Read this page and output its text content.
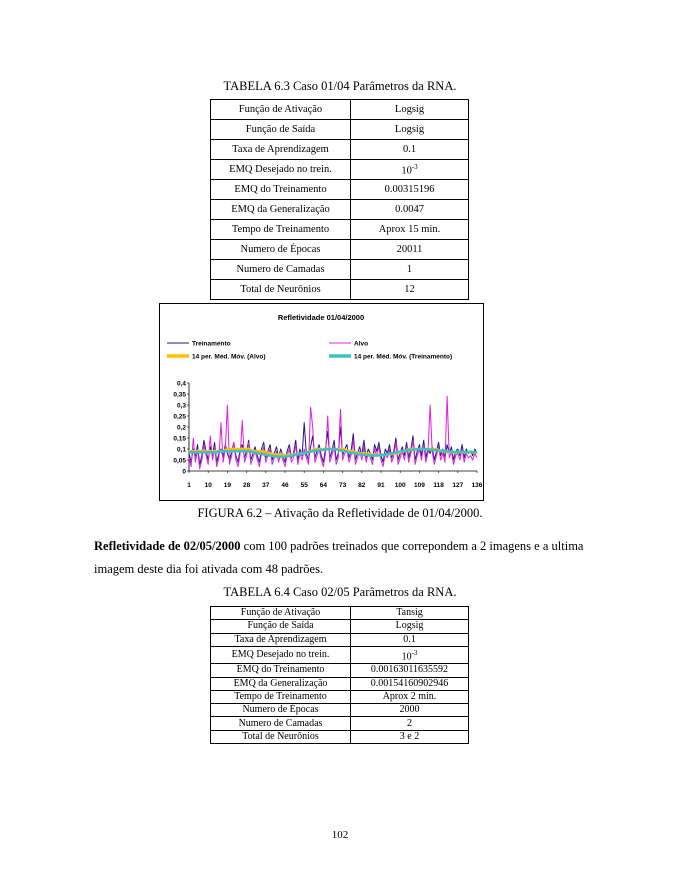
TABELA 6.3 Caso 01/04 Parâmetros da RNA.
Função de Ativação	Logsig
Função de Saída	Logsig
Taxa de Aprendizagem	0.1
EMQ Desejado no trein.	$10^{-3}$
EMQ do Treinamento	0.00315196
EMQ da Generalização	0.0047
Tempo de Treinamento	Aprox 15 min.
Numero de Épocas	20011
Numero de Camadas	1
Total de Neurônios	12
Refletividade 01/04/2000
Treinamento	Alvo
14 per. Méd. Móv. (Alvo)	14 per. Méd. Móv. (Treinamento)
0
0,05
0,1
0,15
0,2
0,25
0,3
0,35
0,4
1 10 19 28 37 46 55 64 73 82 91 100 109 118 127 136
FIGURA 6.2 – Ativação da Refletividade de 01/04/2000.
Refletividade de 02/05/2000 com 100 padrões treinados que correpondem a 2 imagens e a ultima imagem deste dia foi ativada com 48 padrões.
TABELA 6.4 Caso 02/05 Parâmetros da RNA.
Função de Ativação	Tansig
Função de Saída	Logsig
Taxa de Aprendizagem	0.1
EMQ Desejado no trein.	$10^{-3}$
EMQ do Treinamento	0.00163011635592
EMQ da Generalização	0.00154160902946
Tempo de Treinamento	Aprox 2 min.
Numero de Épocas	2000
Numero de Camadas	2
Total de Neurônios	3 e 2
102
